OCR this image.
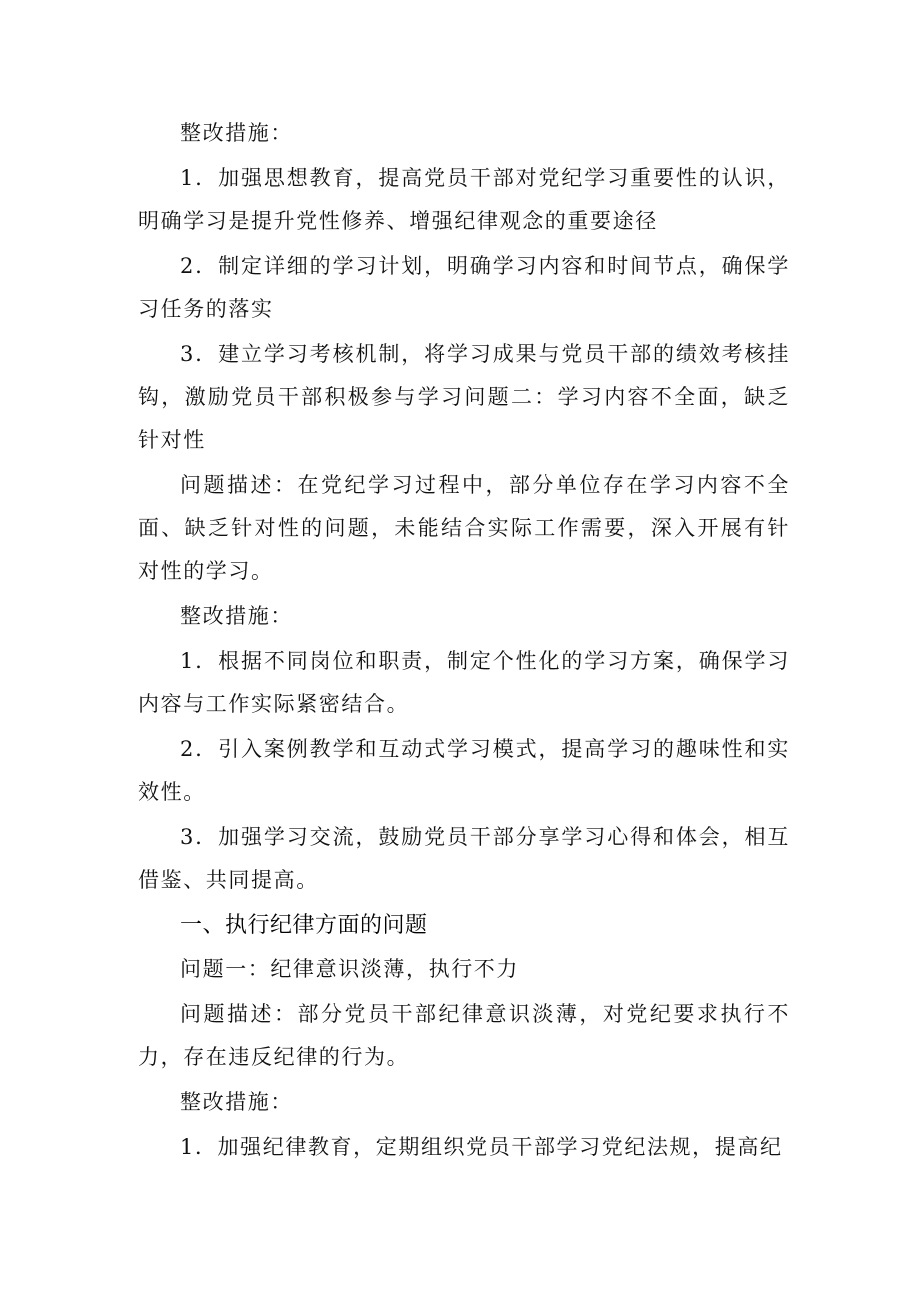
整改措施：

1．加强思想教育，提高党员干部对党纪学习重要性的认识，明确学习是提升党性修养、增强纪律观念的重要途径

2．制定详细的学习计划，明确学习内容和时间节点，确保学习任务的落实

3．建立学习考核机制，将学习成果与党员干部的绩效考核挂钩，激励党员干部积极参与学习问题二：学习内容不全面，缺乏针对性

问题描述：在党纪学习过程中，部分单位存在学习内容不全面、缺乏针对性的问题，未能结合实际工作需要，深入开展有针对性的学习。

整改措施：

1．根据不同岗位和职责，制定个性化的学习方案，确保学习内容与工作实际紧密结合。

2．引入案例教学和互动式学习模式，提高学习的趣味性和实效性。

3．加强学习交流，鼓励党员干部分享学习心得和体会，相互借鉴、共同提高。

一、执行纪律方面的问题

问题一：纪律意识淡薄，执行不力

问题描述：部分党员干部纪律意识淡薄，对党纪要求执行不力，存在违反纪律的行为。

整改措施：

1．加强纪律教育，定期组织党员干部学习党纪法规，提高纪
